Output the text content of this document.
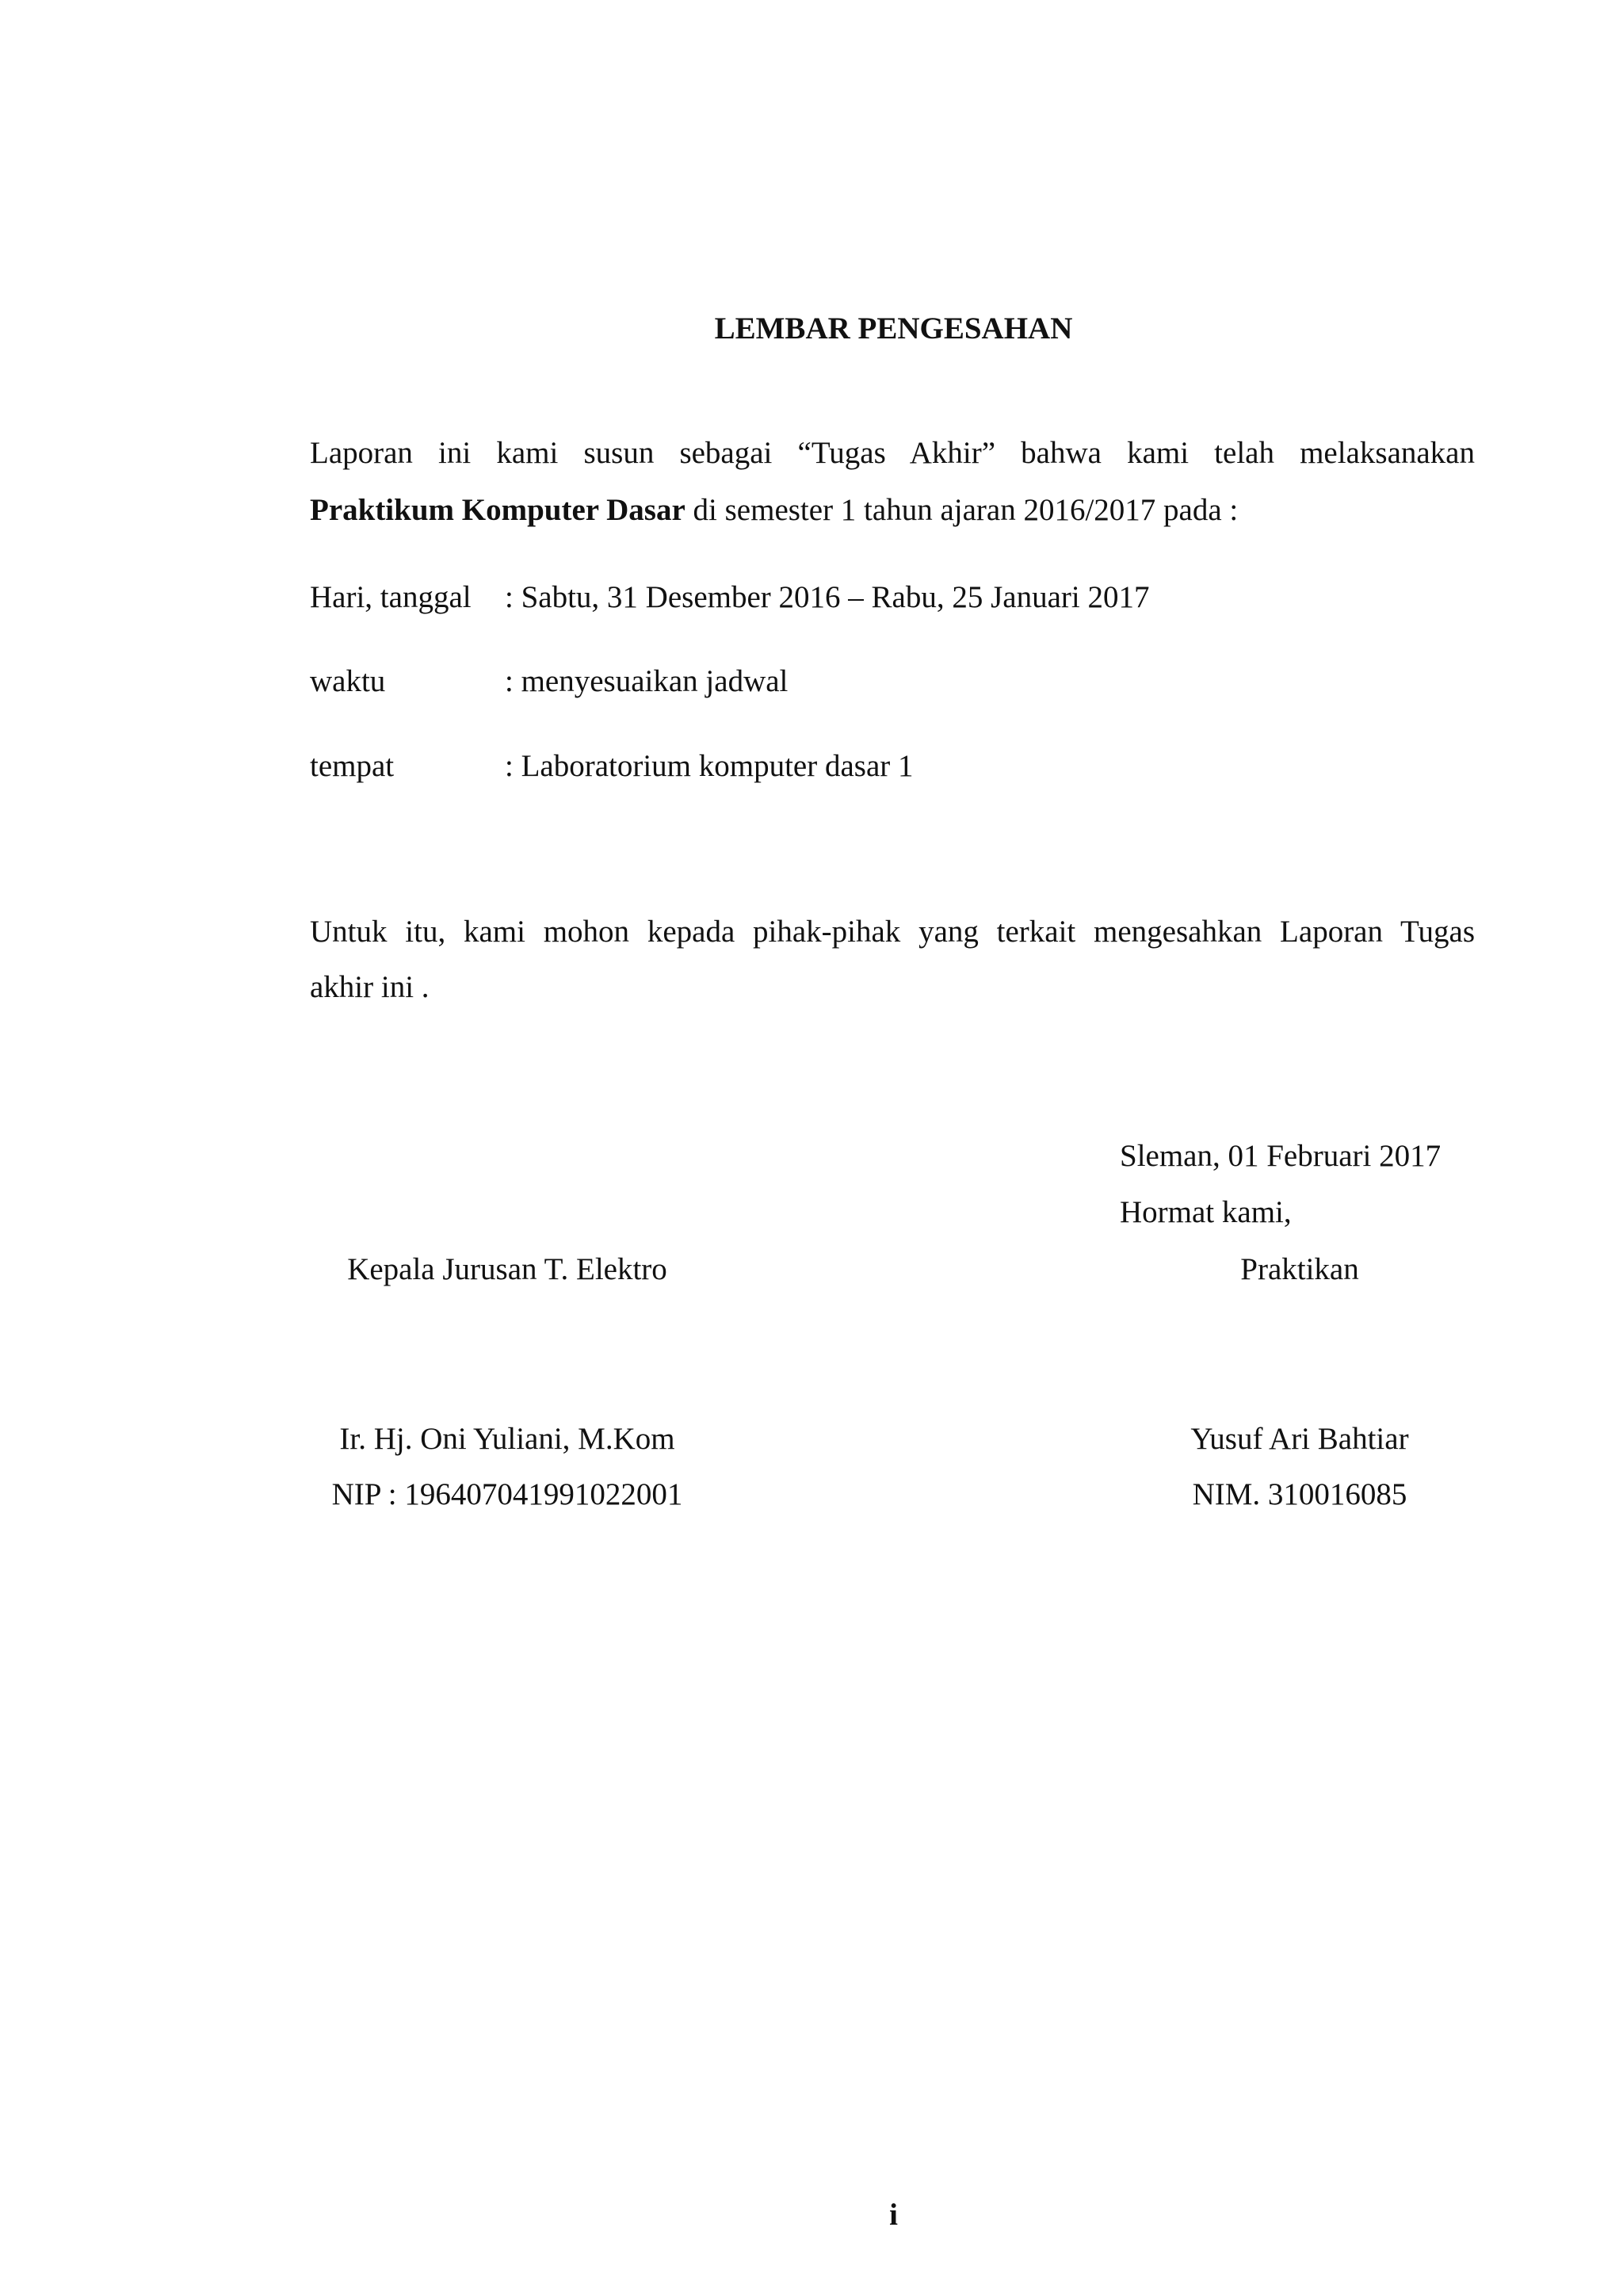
LEMBAR PENGESAHAN
Laporan ini kami susun sebagai “Tugas Akhir” bahwa kami telah melaksanakan
Praktikum Komputer Dasar di semester 1 tahun ajaran 2016/2017 pada :
Hari, tanggal : Sabtu, 31 Desember 2016 – Rabu, 25 Januari 2017
waktu	: menyesuaikan jadwal
tempat	: Laboratorium komputer dasar 1
Untuk itu, kami mohon kepada pihak-pihak yang terkait mengesahkan Laporan Tugas
akhir ini .
Sleman, 01 Februari 2017
Hormat kami,
Kepala Jurusan T. Elektro
Ir. Hj. Oni Yuliani, M.Kom
NIP : 196407041991022001
Praktikan
Yusuf Ari Bahtiar
NIM. 310016085
i
